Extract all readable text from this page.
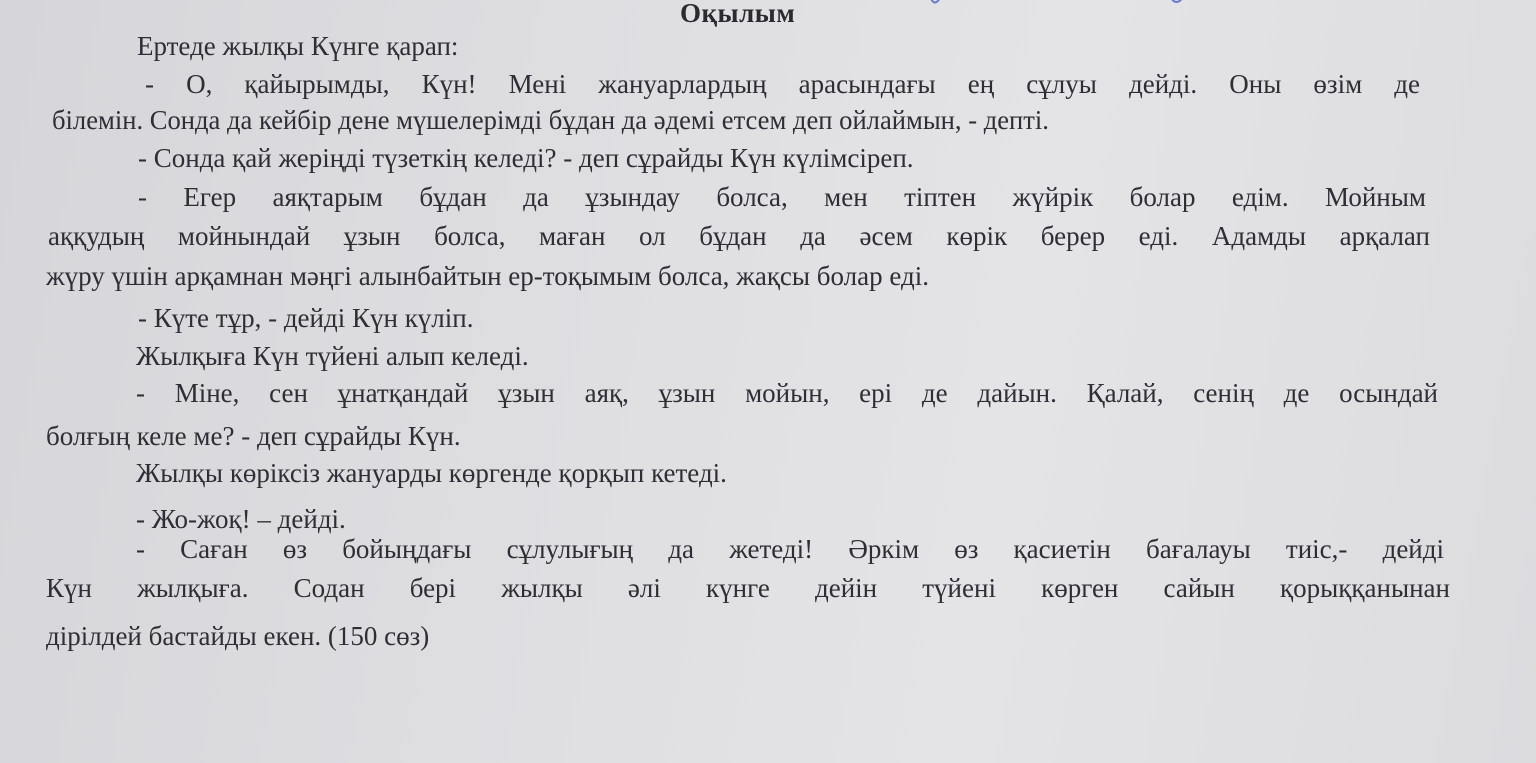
Оқылым
Ертеде жылқы Күнге қарап:
- О, қайырымды, Күн! Мені жануарлардың арасындағы ең сұлуы дейді. Оны өзім де
білемін. Сонда да кейбір дене мүшелерімді бұдан да әдемі етсем деп ойлаймын, - депті.
- Сонда қай жеріңді түзеткің келеді? - деп сұрайды Күн күлімсіреп.
- Егер аяқтарым бұдан да ұзындау болса, мен тіптен жүйрік болар едім. Мойным
аққудың мойнындай ұзын болса, маған ол бұдан да әсем көрік берер еді. Адамды арқалап
жүру үшін арқамнан мәңгі алынбайтын ер-тоқымым болса, жақсы болар еді.
- Күте тұр, - дейді Күн күліп.
Жылқыға Күн түйені алып келеді.
- Міне, сен ұнатқандай ұзын аяқ, ұзын мойын, ері де дайын. Қалай, сенің де осындай
болғың келе ме? - деп сұрайды Күн.
Жылқы көріксіз жануарды көргенде қорқып кетеді.
- Жо-жоқ! – дейді.
- Саған өз бойыңдағы сұлулығың да жетеді! Әркім өз қасиетін бағалауы тиіс,- дейді
Күн жылқыға. Содан бері жылқы әлі күнге дейін түйені көрген сайын қорыққанынан
дірілдей бастайды екен. (150 сөз)
